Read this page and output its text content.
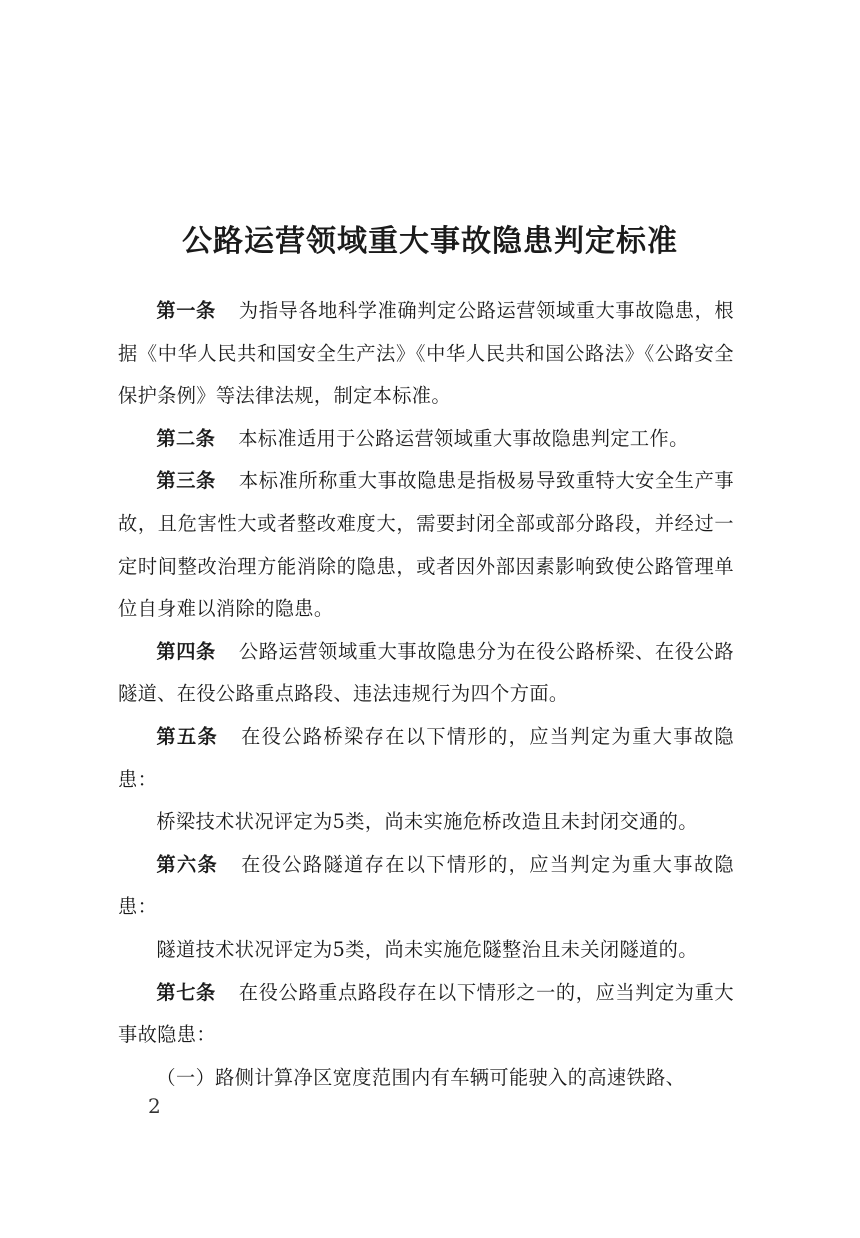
公路运营领域重大事故隐患判定标准

第一条 为指导各地科学准确判定公路运营领域重大事故隐患，根据《中华人民共和国安全生产法》《中华人民共和国公路法》《公路安全保护条例》等法律法规，制定本标准。

第二条 本标准适用于公路运营领域重大事故隐患判定工作。

第三条 本标准所称重大事故隐患是指极易导致重特大安全生产事故，且危害性大或者整改难度大，需要封闭全部或部分路段，并经过一定时间整改治理方能消除的隐患，或者因外部因素影响致使公路管理单位自身难以消除的隐患。

第四条 公路运营领域重大事故隐患分为在役公路桥梁、在役公路隧道、在役公路重点路段、违法违规行为四个方面。

第五条 在役公路桥梁存在以下情形的，应当判定为重大事故隐患：

桥梁技术状况评定为5类，尚未实施危桥改造且未封闭交通的。

第六条 在役公路隧道存在以下情形的，应当判定为重大事故隐患：

隧道技术状况评定为5类，尚未实施危隧整治且未关闭隧道的。

第七条 在役公路重点路段存在以下情形之一的，应当判定为重大事故隐患：

（一）路侧计算净区宽度范围内有车辆可能驶入的高速铁路、

2
